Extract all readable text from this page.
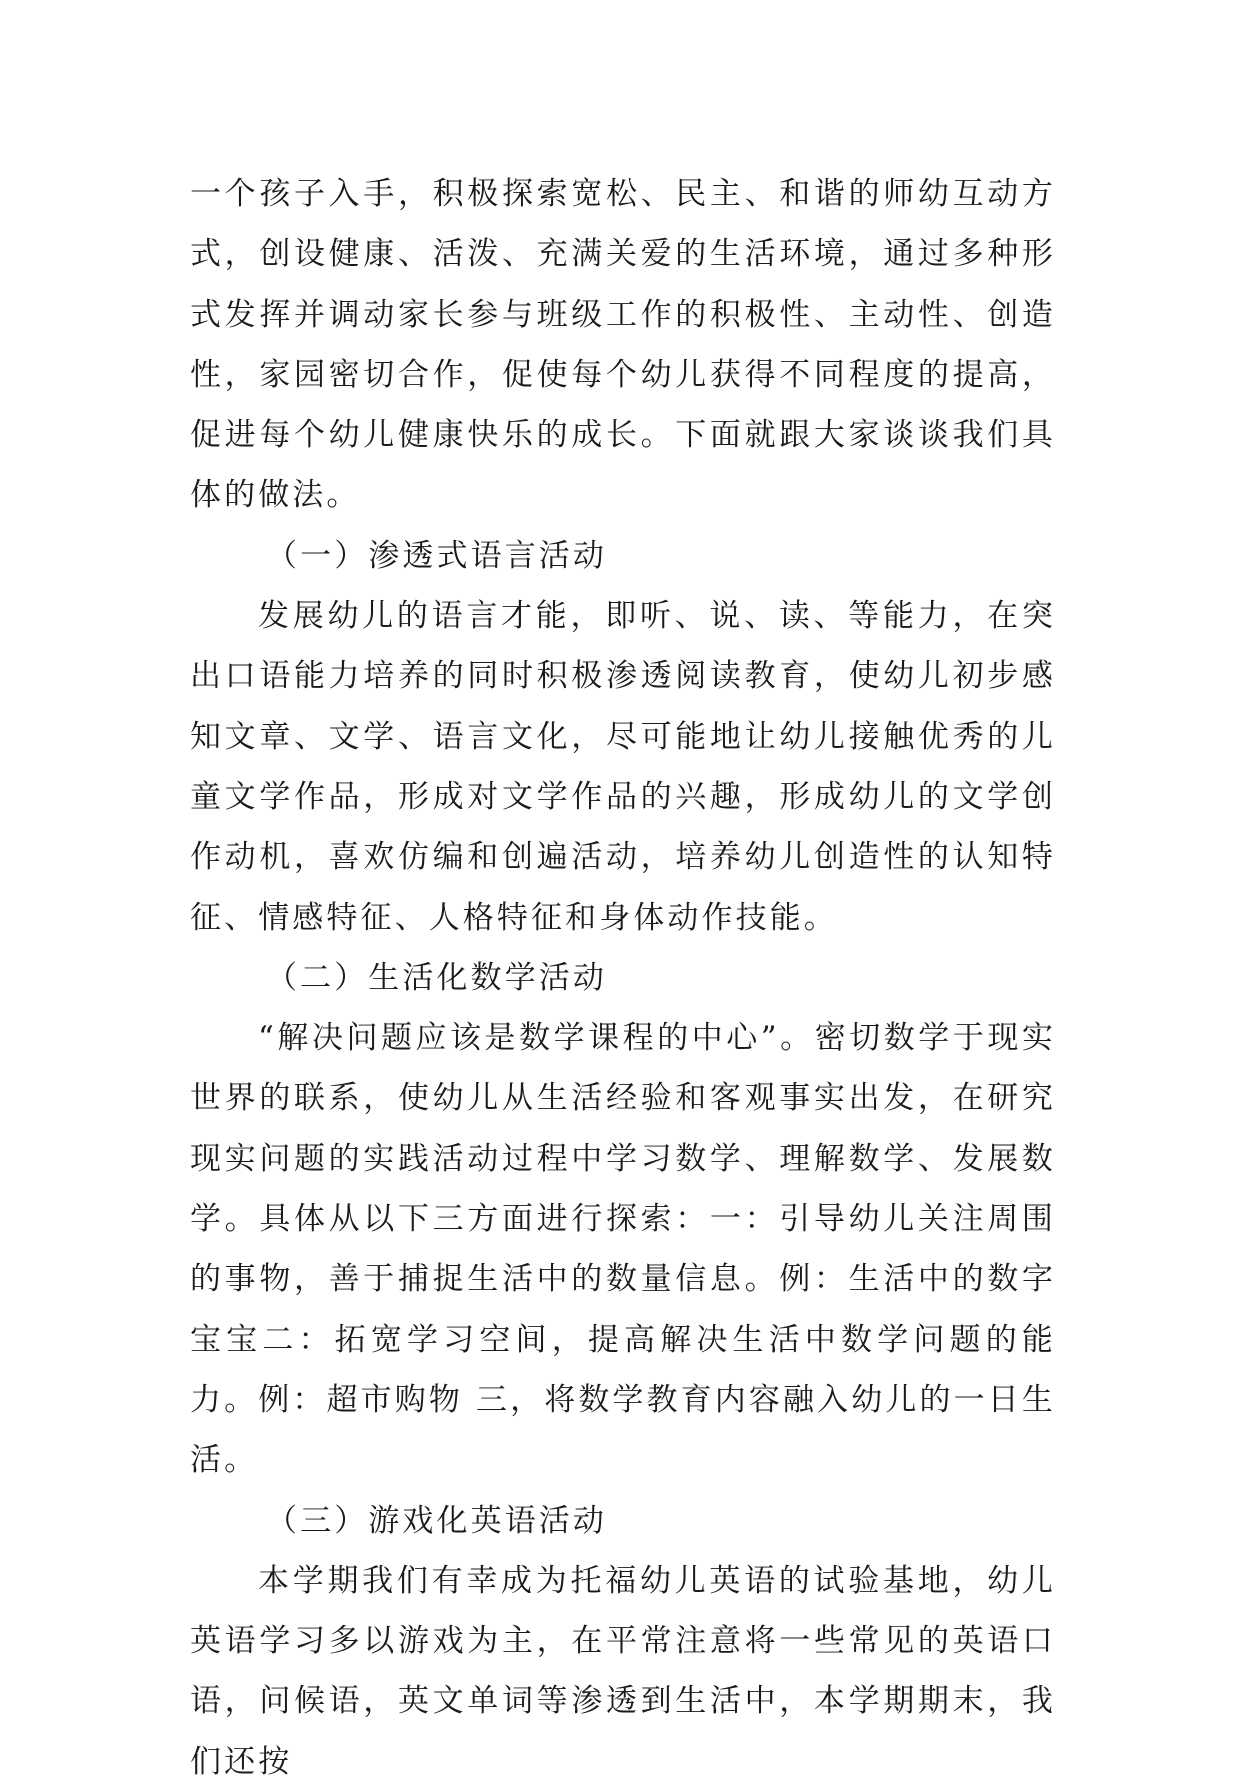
一个孩子入手，积极探索宽松、民主、和谐的师幼互动方式，创设健康、活泼、充满关爱的生活环境，通过多种形式发挥并调动家长参与班级工作的积极性、主动性、创造性，家园密切合作，促使每个幼儿获得不同程度的提高，促进每个幼儿健康快乐的成长。下面就跟大家谈谈我们具体的做法。

（一）渗透式语言活动

发展幼儿的语言才能，即听、说、读、等能力，在突出口语能力培养的同时积极渗透阅读教育，使幼儿初步感知文章、文学、语言文化，尽可能地让幼儿接触优秀的儿童文学作品，形成对文学作品的兴趣，形成幼儿的文学创作动机，喜欢仿编和创遍活动，培养幼儿创造性的认知特征、情感特征、人格特征和身体动作技能。

（二）生活化数学活动

“解决问题应该是数学课程的中心”。密切数学于现实世界的联系，使幼儿从生活经验和客观事实出发，在研究现实问题的实践活动过程中学习数学、理解数学、发展数学。具体从以下三方面进行探索：一：引导幼儿关注周围的事物，善于捕捉生活中的数量信息。例：生活中的数字宝宝二：拓宽学习空间，提高解决生活中数学问题的能力。例：超市购物 三，将数学教育内容融入幼儿的一日生活。

（三）游戏化英语活动

本学期我们有幸成为托福幼儿英语的试验基地，幼儿英语学习多以游戏为主，在平常注意将一些常见的英语口语，问候语，英文单词等渗透到生活中，本学期期末，我们还按
